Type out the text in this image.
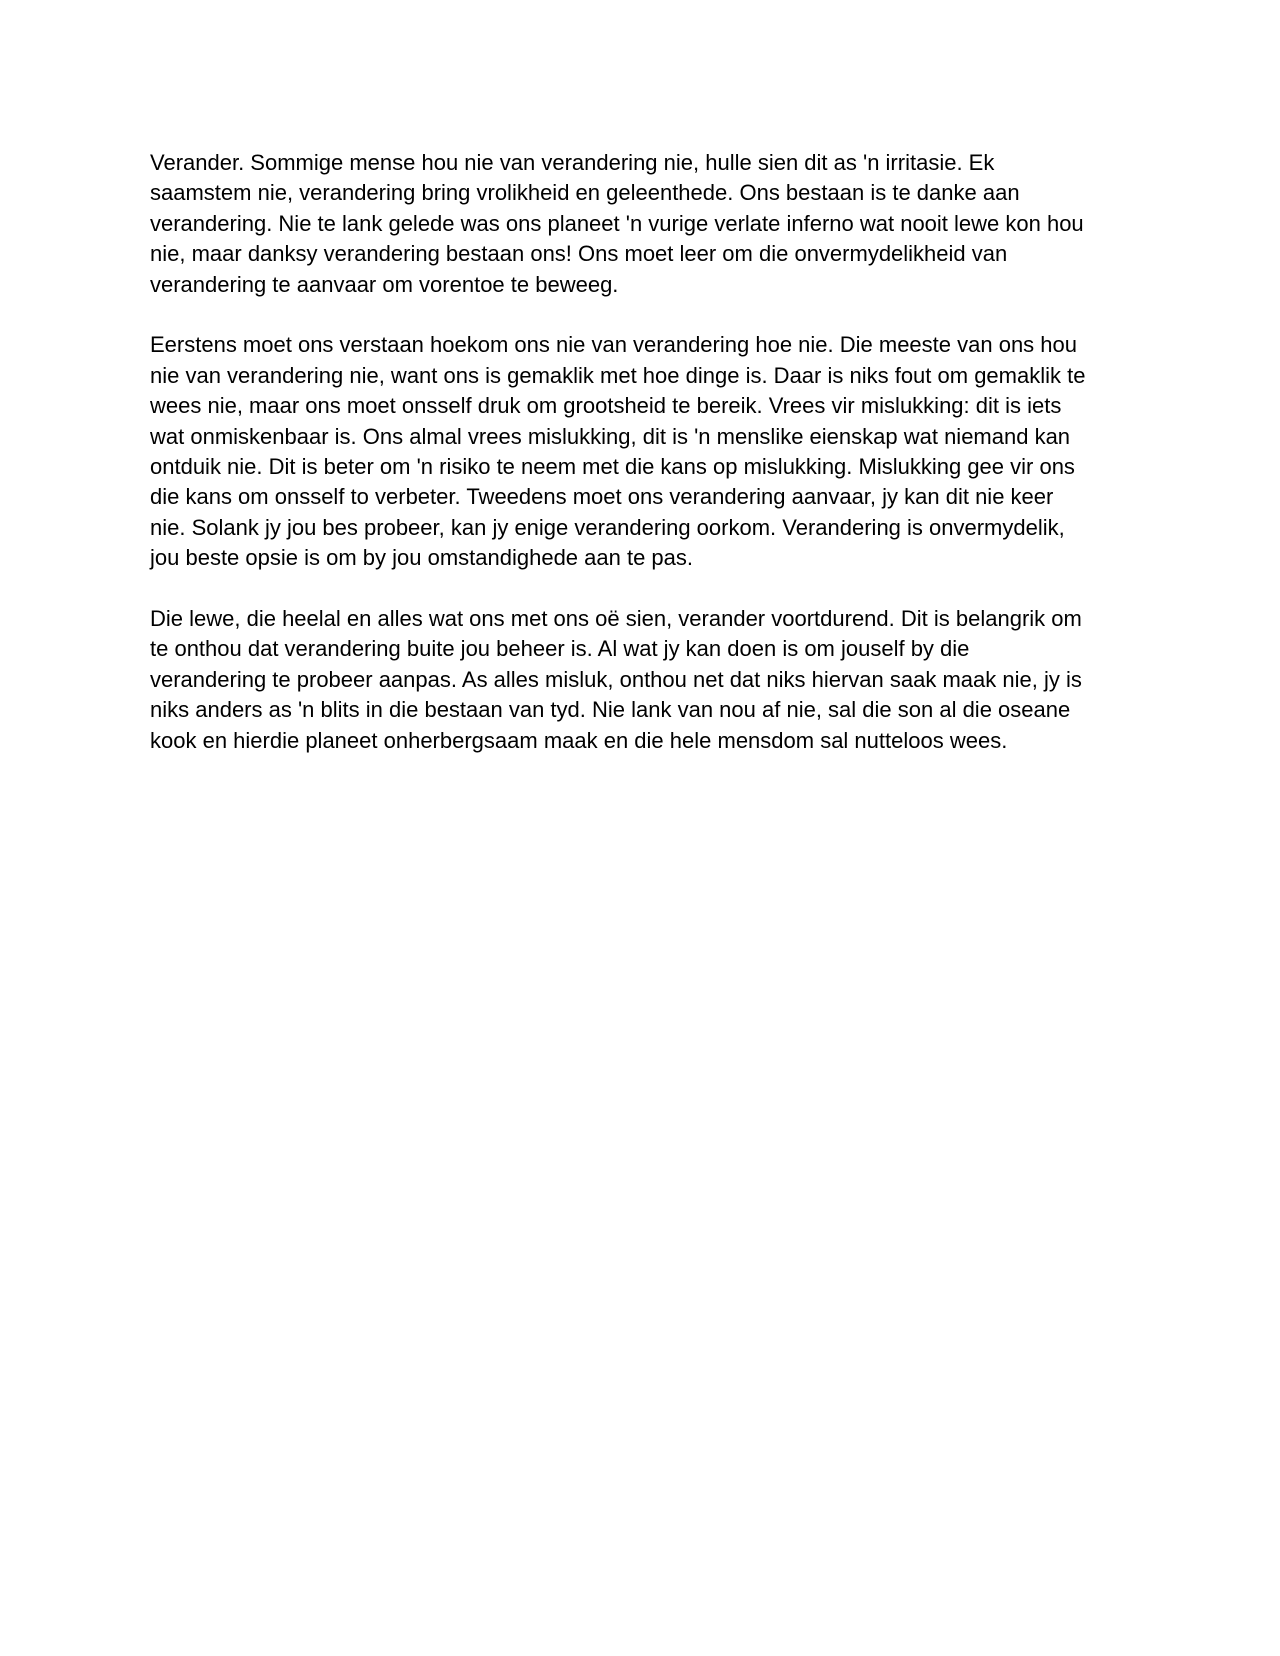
Verander. Sommige mense hou nie van verandering nie, hulle sien dit as 'n irritasie. Ek
saamstem nie, verandering bring vrolikheid en geleenthede. Ons bestaan is te danke aan
verandering. Nie te lank gelede was ons planeet 'n vurige verlate inferno wat nooit lewe kon hou
nie, maar danksy verandering bestaan ons! Ons moet leer om die onvermydelikheid van
verandering te aanvaar om vorentoe te beweeg.

Eerstens moet ons verstaan hoekom ons nie van verandering hoe nie. Die meeste van ons hou
nie van verandering nie, want ons is gemaklik met hoe dinge is. Daar is niks fout om gemaklik te
wees nie, maar ons moet onsself druk om grootsheid te bereik. Vrees vir mislukking: dit is iets
wat onmiskenbaar is. Ons almal vrees mislukking, dit is 'n menslike eienskap wat niemand kan
ontduik nie. Dit is beter om 'n risiko te neem met die kans op mislukking. Mislukking gee vir ons
die kans om onsself to verbeter. Tweedens moet ons verandering aanvaar, jy kan dit nie keer
nie. Solank jy jou bes probeer, kan jy enige verandering oorkom. Verandering is onvermydelik,
jou beste opsie is om by jou omstandighede aan te pas.

Die lewe, die heelal en alles wat ons met ons oë sien, verander voortdurend. Dit is belangrik om
te onthou dat verandering buite jou beheer is. Al wat jy kan doen is om jouself by die
verandering te probeer aanpas. As alles misluk, onthou net dat niks hiervan saak maak nie, jy is
niks anders as 'n blits in die bestaan van tyd. Nie lank van nou af nie, sal die son al die oseane
kook en hierdie planeet onherbergsaam maak en die hele mensdom sal nutteloos wees.
